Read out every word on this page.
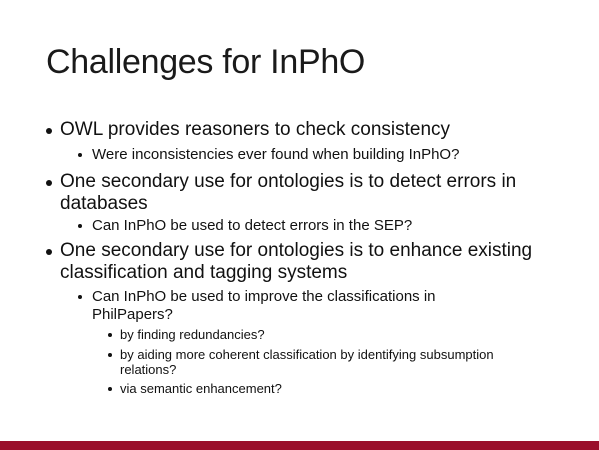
Challenges for InPhO
OWL provides reasoners to check consistency
Were inconsistencies ever found when building InPhO?
One secondary use for ontologies is to detect errors in
databases
Can InPhO be used to detect errors in the SEP?
One secondary use for ontologies is to enhance existing
classification and tagging systems
Can InPhO be used to improve the classifications in
PhilPapers?
by finding redundancies?
by aiding more coherent classification by identifying subsumption
relations?
via semantic enhancement?
